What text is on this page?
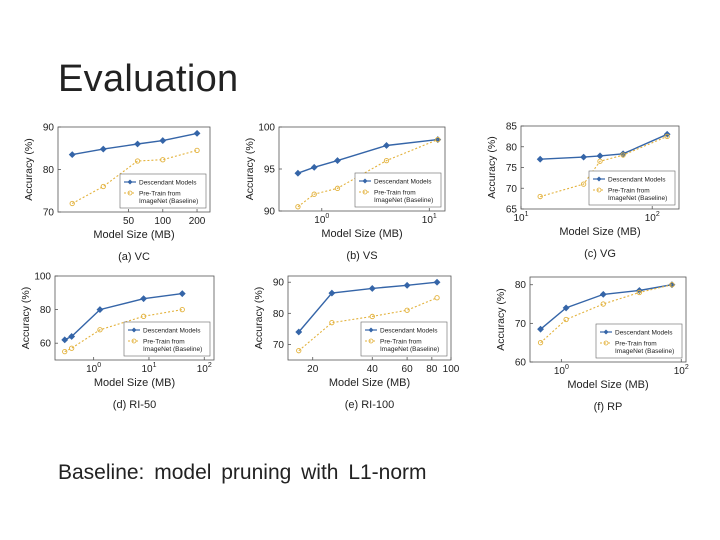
Evaluation
70
80
90
50 100 200
Model Size (MB)
Accuracy (%)
(a) VC
Descendant Models
Pre-Train from
ImageNet (Baseline)
90
95
100
$10^0$	$10^1$
Model Size (MB)
Accuracy (%)
(b) VS
Descendant Models
Pre-Train from
ImageNet (Baseline)
65
70
75
80
85
$10^1$	$10^2$
Model Size (MB)
Accuracy (%)
(c) VG
Descendant Models
Pre-Train from
ImageNet (Baseline)
60
80
100
$10^0$	$10^1$	$10^2$
Model Size (MB)
Accuracy (%)
(d) RI-50
Descendant Models
Pre-Train from
ImageNet (Baseline)	70
80
90
20	40 60 80 100
Model Size (MB)
Accuracy (%)
(e) RI-100
Descendant Models
Pre-Train from
ImageNet (Baseline)
60
70
80
$10^0$	$10^2$
Model Size (MB)
Accuracy (%)
(f) RP
Descendant Models
Pre-Train from
ImageNet (Baseline)
Baseline: model pruning with L1-norm
